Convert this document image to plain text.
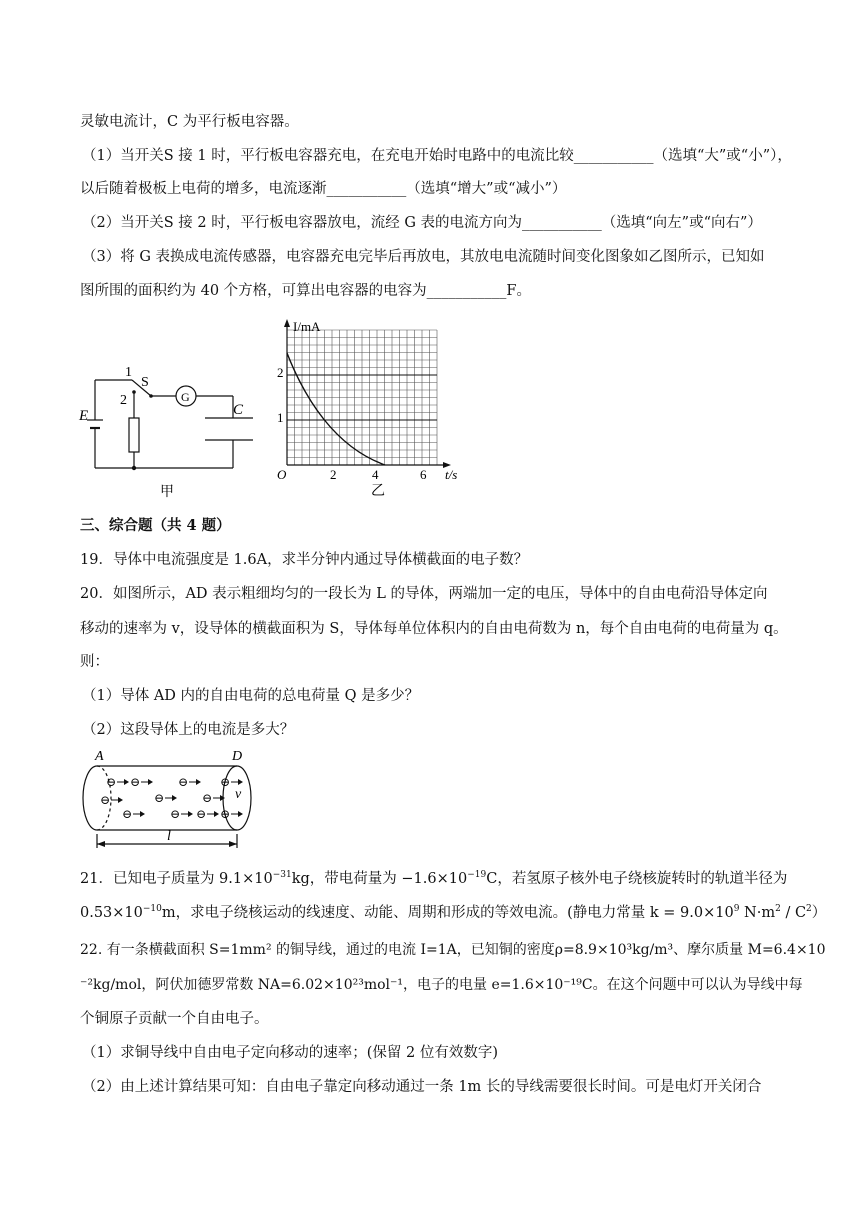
灵敏电流计，C 为平行板电容器。
（1）当开关S 接 1 时，平行板电容器充电，在充电开始时电路中的电流比较___________（选填“大”或“小”），
以后随着极板上电荷的增多，电流逐渐___________（选填“增大”或“减小”）
（2）当开关S 接 2 时，平行板电容器放电，流经 G 表的电流方向为___________（选填“向左”或“向右”）
（3）将 G 表换成电流传感器，电容器充电完毕后再放电，其放电电流随时间变化图象如乙图所示，已知如
图所围的面积约为 40 个方格，可算出电容器的电容为___________F。
E
1
2
S
G
C
甲
I/mA
t/s
O	2	4	6
1
2
乙
三、综合题（共 4 题）
19．导体中电流强度是 1.6A，求半分钟内通过导体横截面的电子数？
20．如图所示，AD 表示粗细均匀的一段长为 L 的导体，两端加一定的电压，导体中的自由电荷沿导体定向
移动的速率为 v，设导体的横截面积为 S，导体每单位体积内的自由电荷数为 n，每个自由电荷的电荷量为 q。
则：
（1）导体 AD 内的自由电荷的总电荷量 Q 是多少？
（2）这段导体上的电流是多大？
⊖
⊖
⊖
⊖
⊖
⊖	⊖ ⊖
⊖	⊖
⊖
A	D
v
l
21．已知电子质量为 $9.1\times 10^{-31}kg$，带电荷量为 $-1.6\times 10^{-19}C$，若氢原子核外电子绕核旋转时的轨道半径为
$0.53\times 10^{-10}m$，求电子绕核运动的线速度、动能、周期和形成的等效电流。(静电力常量 $k = 9.0\times 10^9$ $N\cdot m^2 / C^2$）
22. 有一条横截面积 S=1mm² 的铜导线，通过的电流 I=1A，已知铜的密度ρ=8.9×10³kg/m³、摩尔质量 M=6.4×10
⁻²kg/mol，阿伏加德罗常数 NA=6.02×10²³mol⁻¹，电子的电量 e=1.6×10⁻¹⁹C。在这个问题中可以认为导线中每
个铜原子贡献一个自由电子。
（1）求铜导线中自由电子定向移动的速率；(保留 2 位有效数字)
（2）由上述计算结果可知：自由电子靠定向移动通过一条 1m 长的导线需要很长时间。可是电灯开关闭合
